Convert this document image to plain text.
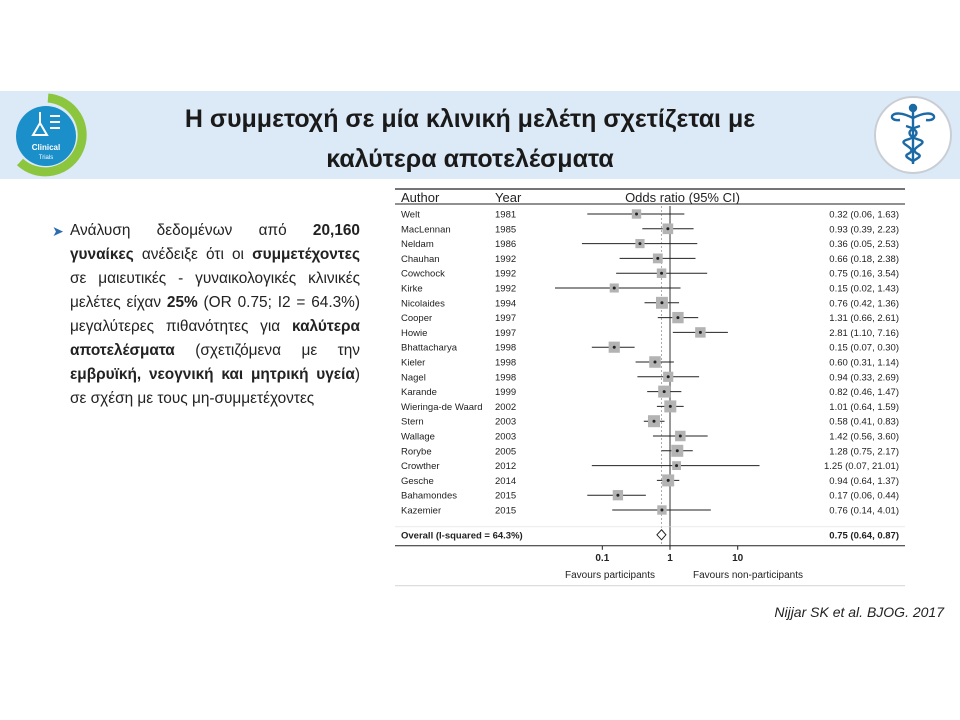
Clinical
Trials
Η συμμετοχή σε μία κλινική μελέτη σχετίζεται με
καλύτερα αποτελέσματα
➤ Ανάλυση δεδομένων από 20,160 γυναίκες ανέδειξε ότι οι συμμετέχοντες σε μαιευτικές - γυναικολογικές κλινικές μελέτες είχαν 25% (OR 0.75; I2 = 64.3%) μεγαλύτερες πιθανότητες για καλύτερα αποτελέσματα (σχετιζόμενα με την εμβρυϊκή, νεογνική και μητρική υγεία) σε σχέση με τους μη-συμμετέχοντες
Author	Year	Odds ratio (95% CI)
Welt	1981	0.32 (0.06, 1.63)
MacLennan	1985	0.93 (0.39, 2.23)
Neldam	1986	0.36 (0.05, 2.53)
Chauhan	1992	0.66 (0.18, 2.38)
Cowchock	1992	0.75 (0.16, 3.54)
Kirke	1992	0.15 (0.02, 1.43)
Nicolaides	1994	0.76 (0.42, 1.36)
Cooper	1997	1.31 (0.66, 2.61)
Howie	1997	2.81 (1.10, 7.16)
Bhattacharya	1998	0.15 (0.07, 0.30)
Kieler	1998	0.60 (0.31, 1.14)
Nagel	1998	0.94 (0.33, 2.69)
Karande	1999	0.82 (0.46, 1.47)
Wieringa-de Waard 2002	1.01 (0.64, 1.59)
Stern	2003	0.58 (0.41, 0.83)
Wallage	2003	1.42 (0.56, 3.60)
Rorybe	2005	1.28 (0.75, 2.17)
Crowther	2012	1.25 (0.07, 21.01)
Gesche	2014	0.94 (0.64, 1.37)
Bahamondes	2015	0.17 (0.06, 0.44)
Kazemier	2015	0.76 (0.14, 4.01)
Overall (I-squared = 64.3%)	0.75 (0.64, 0.87)
0.1	1	10
Favours participants	Favours non-participants
Nijjar SK et al. BJOG. 2017
